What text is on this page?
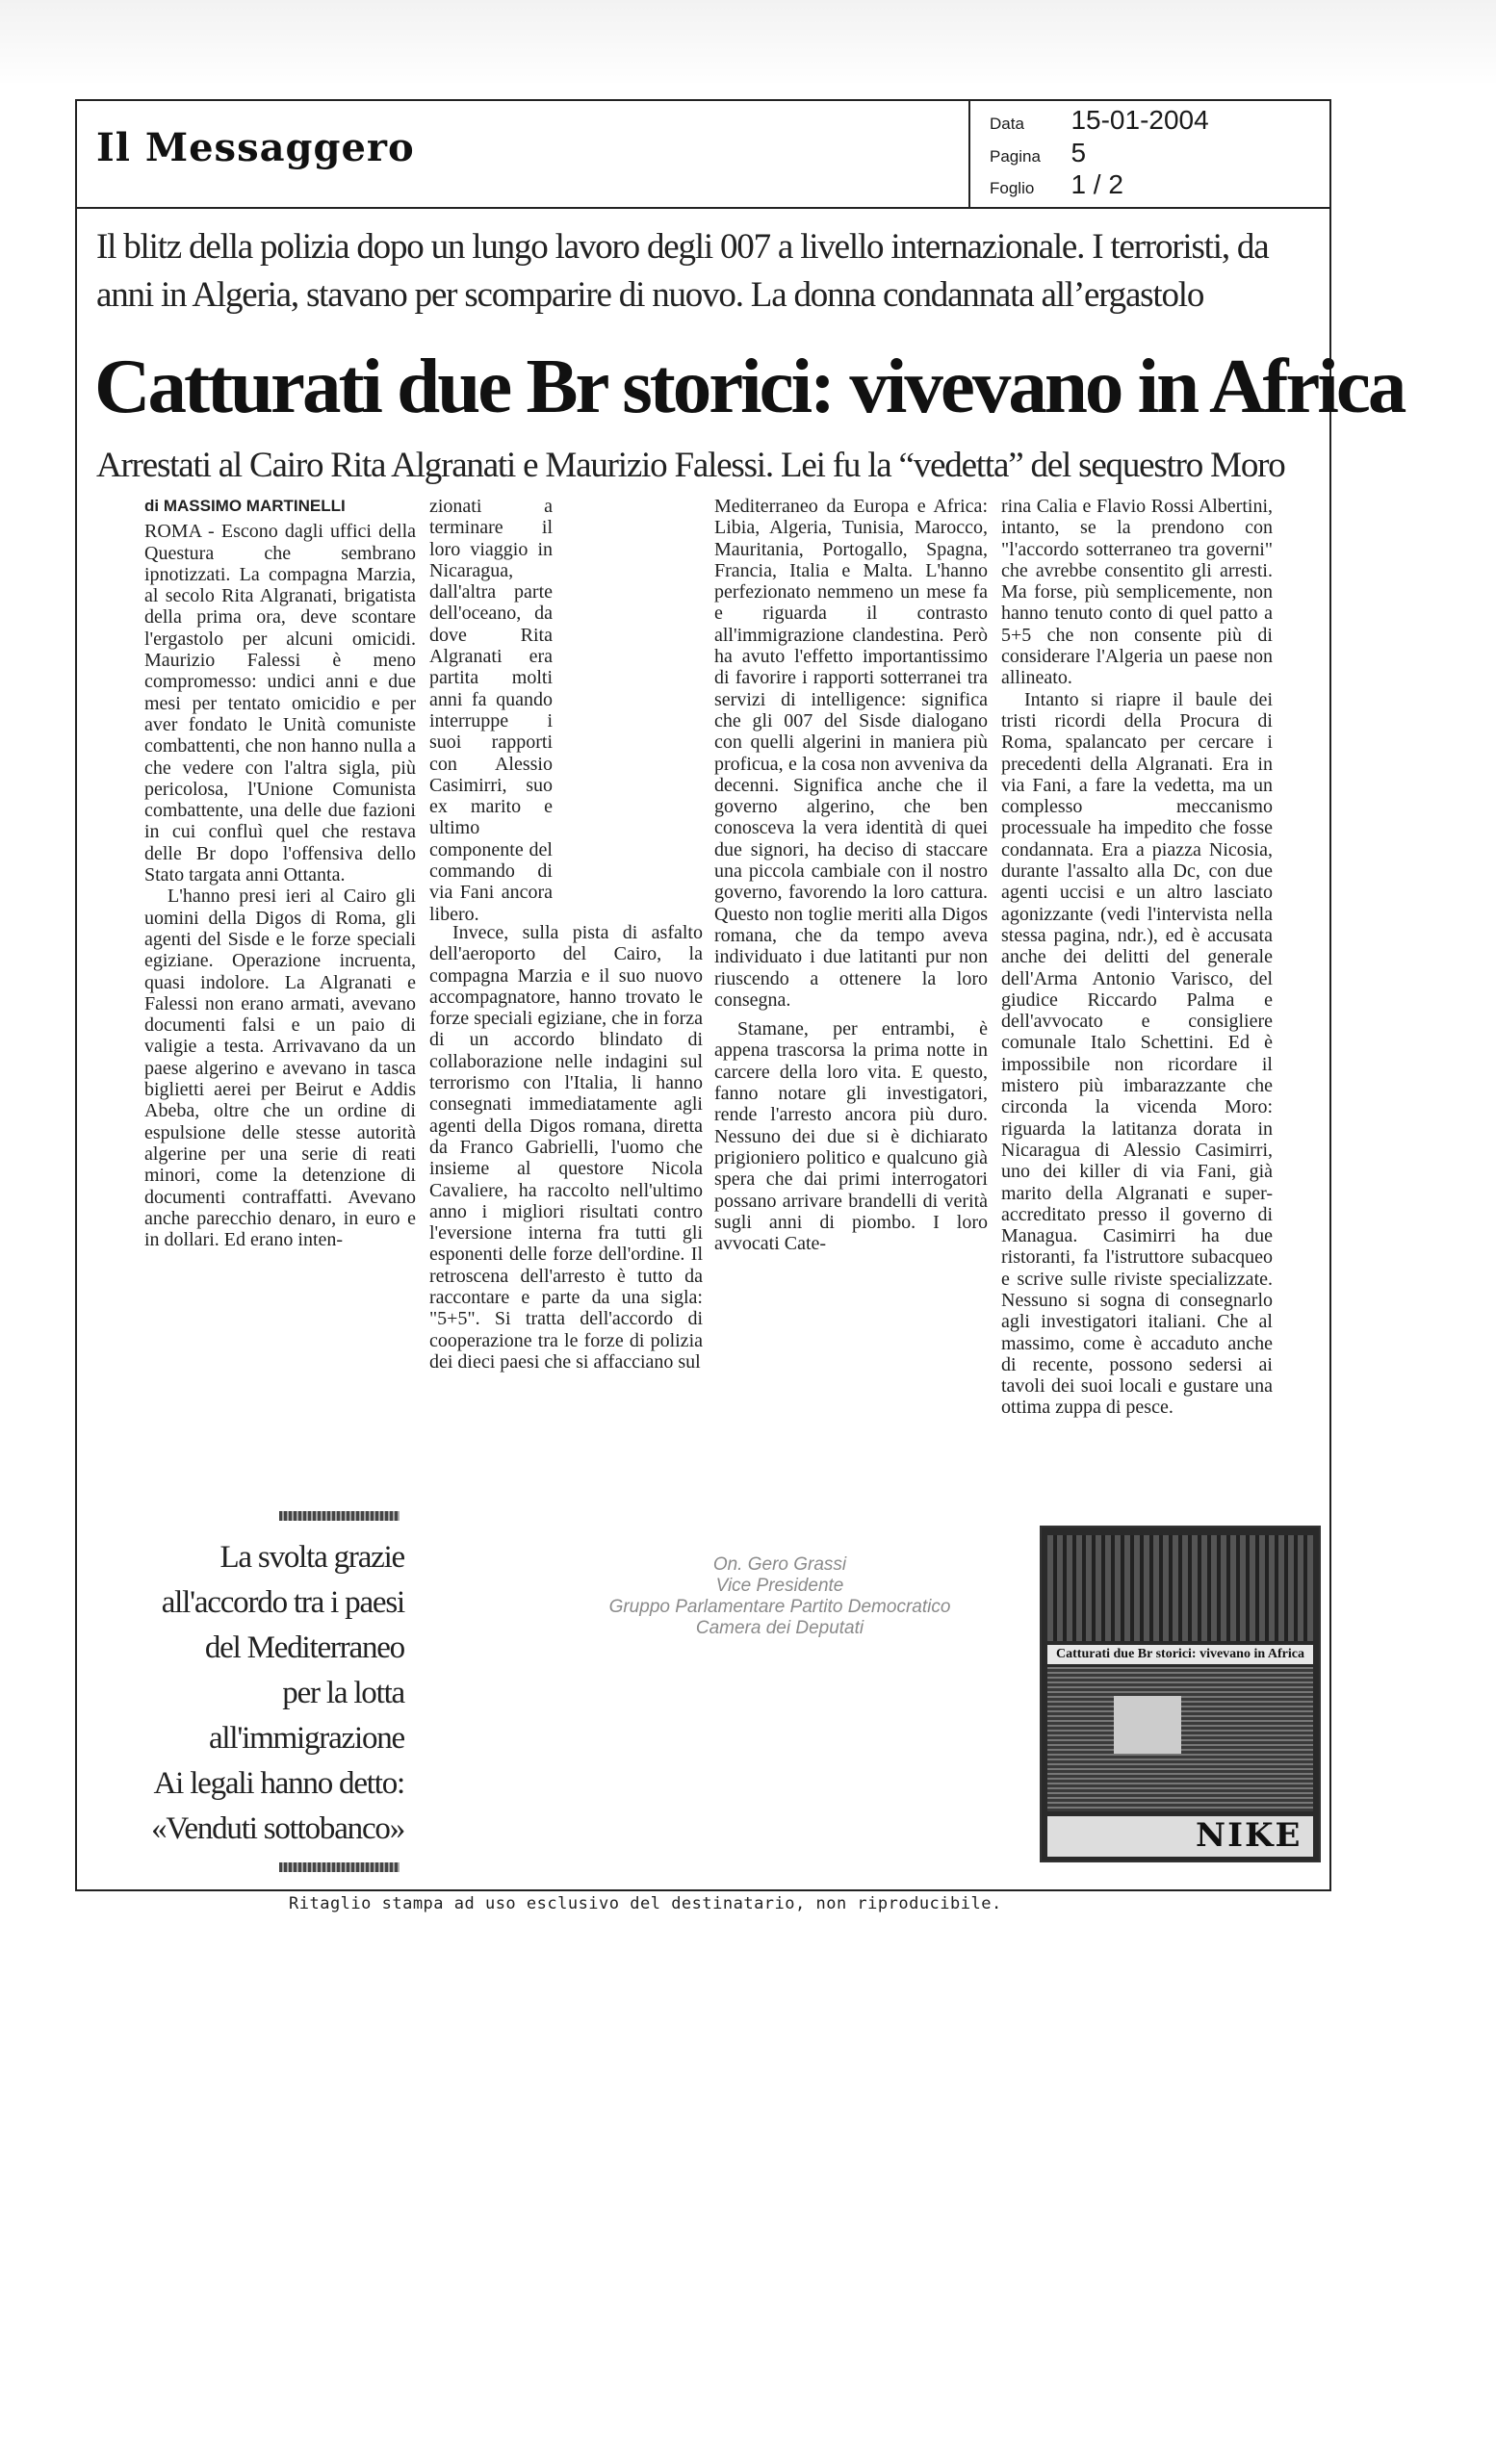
Il Messaggero
Data 15-01-2004
Pagina 5
Foglio 1 / 2
Il blitz della polizia dopo un lungo lavoro degli 007 a livello internazionale. I terroristi, da anni in Algeria, stavano per scomparire di nuovo. La donna condannata all’ergastolo
Catturati due Br storici: vivevano in Africa
Arrestati al Cairo Rita Algranati e Maurizio Falessi. Lei fu la “vedetta” del sequestro Moro

di MASSIMO MARTINELLI

ROMA - Escono dagli uffici della Questura che sembrano ipnotizzati. La compagna Marzia, al secolo Rita Algranati, brigatista della prima ora, deve scontare l'ergastolo per alcuni omicidi. Maurizio Falessi è meno compromesso: undici anni e due mesi per tentato omicidio e per aver fondato le Unità comuniste combattenti, che non hanno nulla a che vedere con l'altra sigla, più pericolosa, l'Unione Comunista combattente, una delle due fazioni in cui confluì quel che restava delle Br dopo l'offensiva dello Stato targata anni Ottanta.

L'hanno presi ieri al Cairo gli uomini della Digos di Roma, gli agenti del Sisde e le forze speciali egiziane. Operazione incruenta, quasi indolore. La Algranati e Falessi non erano armati, avevano documenti falsi e un paio di valigie a testa. Arrivavano da un paese algerino e avevano in tasca biglietti aerei per Beirut e Addis Abeba, oltre che un ordine di espulsione delle stesse autorità algerine per una serie di reati minori, come la detenzione di documenti contraffatti. Avevano anche parecchio denaro, in euro e in dollari. Ed erano inten-

zionati a terminare il loro viaggio in Nicaragua, dall'altra parte dell'oceano, da dove Rita Algranati era partita molti anni fa quando interruppe i suoi rapporti con Alessio Casimirri, suo ex marito e ultimo componente del commando di via Fani ancora libero.

Invece, sulla pista di asfalto dell'aeroporto del Cairo, la compagna Marzia e il suo nuovo accompagnatore, hanno trovato le forze speciali egiziane, che in forza di un accordo blindato di collaborazione nelle indagini sul terrorismo con l'Italia, li hanno consegnati immediatamente agli agenti della Digos romana, diretta da Franco Gabrielli, l'uomo che insieme al questore Nicola Cavaliere, ha raccolto nell'ultimo anno i migliori risultati contro l'eversione interna fra tutti gli esponenti delle forze dell'ordine. Il retroscena dell'arresto è tutto da raccontare e parte da una sigla: "5+5". Si tratta dell'accordo di cooperazione tra le forze di polizia dei dieci paesi che si affacciano sul

Mediterraneo da Europa e Africa: Libia, Algeria, Tunisia, Marocco, Mauritania, Portogallo, Spagna, Francia, Italia e Malta. L'hanno perfezionato nemmeno un mese fa e riguarda il contrasto all'immigrazione clandestina. Però ha avuto l'effetto importantissimo di favorire i rapporti sotterranei tra servizi di intelligence: significa che gli 007 del Sisde dialogano con quelli algerini in maniera più proficua, e la cosa non avveniva da decenni. Significa anche che il governo algerino, che ben conosceva la vera identità di quei due signori, ha deciso di staccare una piccola cambiale con il nostro governo, favorendo la loro cattura. Questo non toglie meriti alla Digos romana, che da tempo aveva individuato i due latitanti pur non riuscendo a ottenere la loro consegna.

Stamane, per entrambi, è appena trascorsa la prima notte in carcere della loro vita. E questo, fanno notare gli investigatori, rende l'arresto ancora più duro. Nessuno dei due si è dichiarato prigioniero politico e qualcuno già spera che dai primi interrogatori possano arrivare brandelli di verità sugli anni di piombo. I loro avvocati Cate-

rina Calia e Flavio Rossi Albertini, intanto, se la prendono con "l'accordo sotterraneo tra governi" che avrebbe consentito gli arresti. Ma forse, più semplicemente, non hanno tenuto conto di quel patto a 5+5 che non consente più di considerare l'Algeria un paese non allineato.

Intanto si riapre il baule dei tristi ricordi della Procura di Roma, spalancato per cercare i precedenti della Algranati. Era in via Fani, a fare la vedetta, ma un complesso meccanismo processuale ha impedito che fosse condannata. Era a piazza Nicosia, durante l'assalto alla Dc, con due agenti uccisi e un altro lasciato agonizzante (vedi l'intervista nella stessa pagina, ndr.), ed è accusata anche dei delitti del generale dell'Arma Antonio Varisco, del giudice Riccardo Palma e dell'avvocato e consigliere comunale Italo Schettini. Ed è impossibile non ricordare il mistero più imbarazzante che circonda la vicenda Moro: riguarda la latitanza dorata in Nicaragua di Alessio Casimirri, uno dei killer di via Fani, già marito della Algranati e super-accreditato presso il governo di Managua. Casimirri ha due ristoranti, fa l'istruttore subacqueo e scrive sulle riviste specializzate. Nessuno si sogna di consegnarlo agli investigatori italiani. Che al massimo, come è accaduto anche di recente, possono sedersi ai tavoli dei suoi locali e gustare una ottima zuppa di pesce.

La svolta grazie
all'accordo tra i paesi
del Mediterraneo
per la lotta
all'immigrazione
Ai legali hanno detto:
«Venduti sottobanco»
On. Gero Grassi
Vice Presidente
Gruppo Parlamentare Partito Democratico
Camera dei Deputati
Catturati due Br storici: vivevano in Africa
NIKE
Ritaglio stampa ad uso esclusivo del destinatario, non riproducibile.
